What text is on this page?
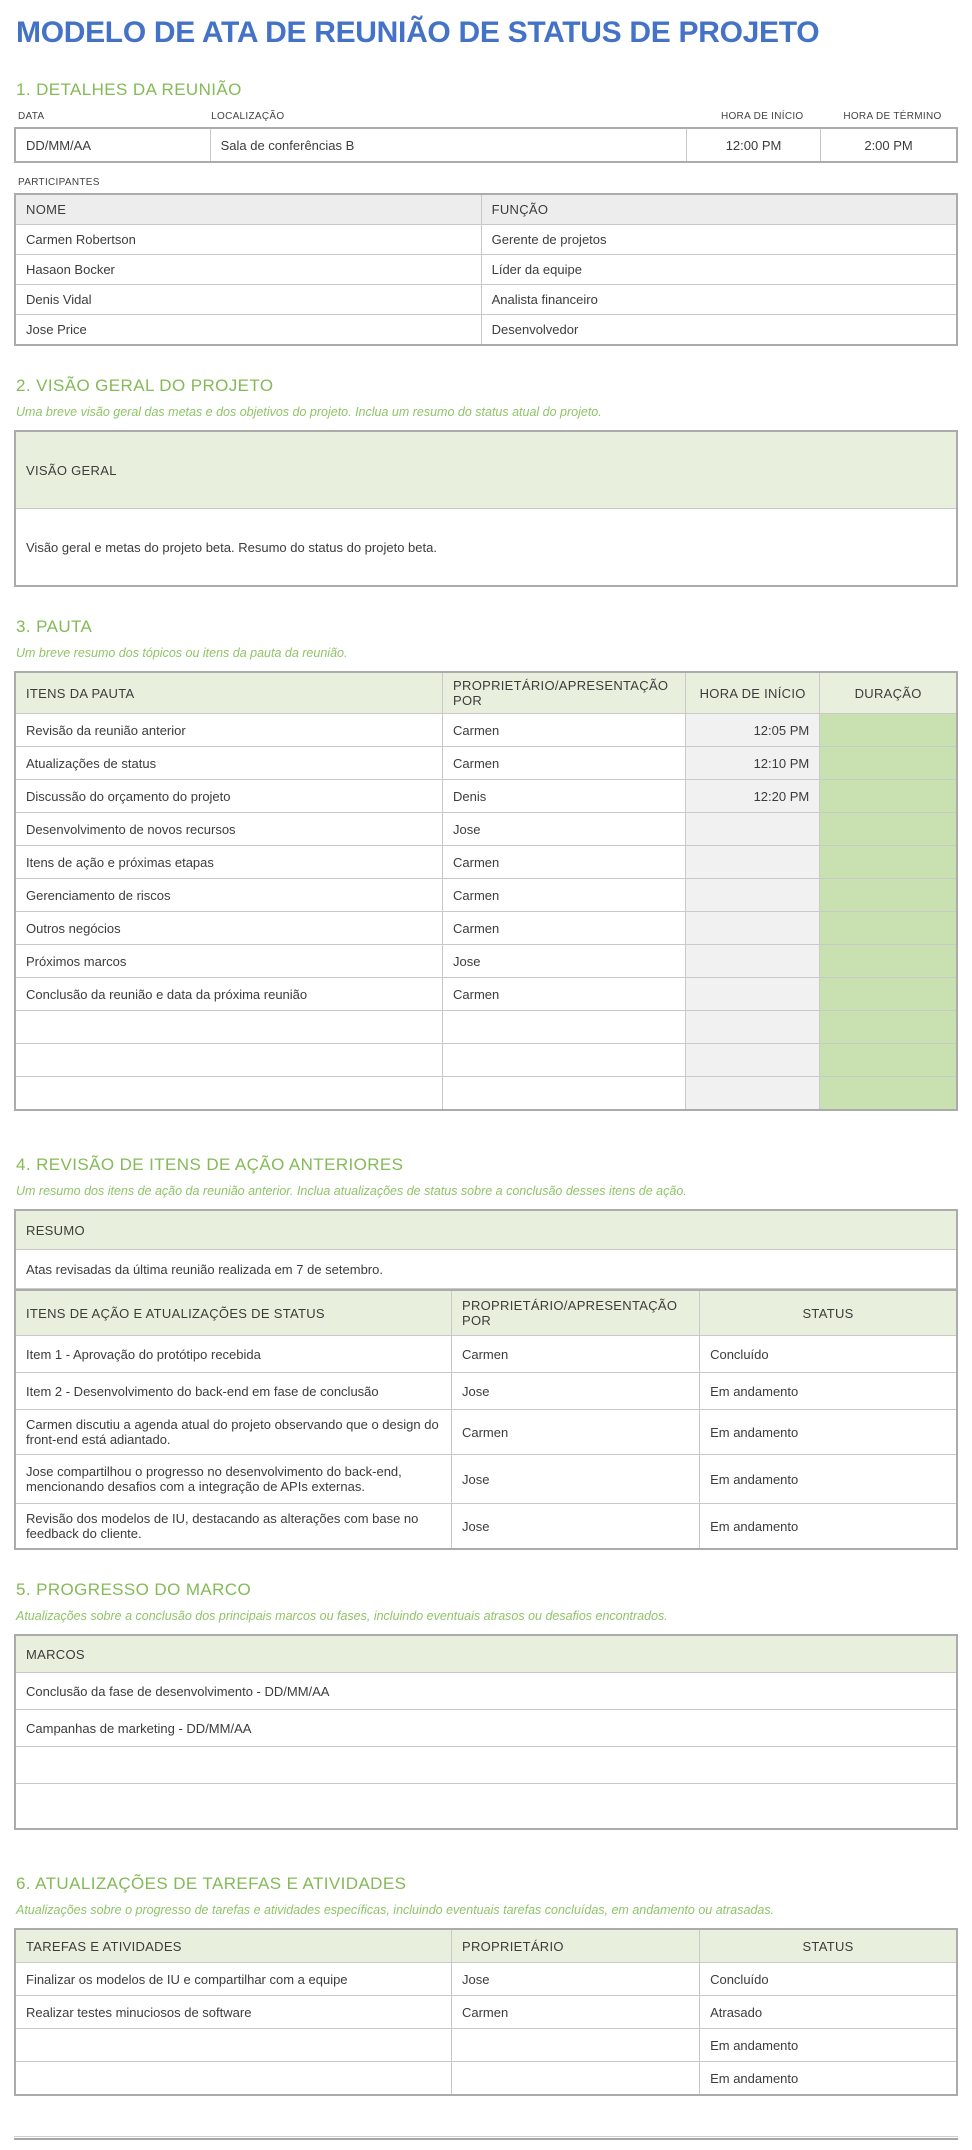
MODELO DE ATA DE REUNIÃO DE STATUS DE PROJETO
1. DETALHES DA REUNIÃO
DATA	LOCALIZAÇÃO	HORA DE INÍCIO	HORA DE TÉRMINO
DD/MM/AA	Sala de conferências B	12:00 PM	2:00 PM
PARTICIPANTES
NOME	FUNÇÃO
Carmen Robertson	Gerente de projetos
Hasaon Bocker	Líder da equipe
Denis Vidal	Analista financeiro
Jose Price	Desenvolvedor
2. VISÃO GERAL DO PROJETO

Uma breve visão geral das metas e dos objetivos do projeto. Inclua um resumo do status atual do projeto.

VISÃO GERAL
Visão geral e metas do projeto beta. Resumo do status do projeto beta.
3. PAUTA

Um breve resumo dos tópicos ou itens da pauta da reunião.

ITENS DA PAUTA	PROPRIETÁRIO/APRESENTAÇÃO POR	HORA DE INÍCIO	DURAÇÃO
Revisão da reunião anterior	Carmen	12:05 PM	
Atualizações de status	Carmen	12:10 PM	
Discussão do orçamento do projeto	Denis	12:20 PM	
Desenvolvimento de novos recursos	Jose		
Itens de ação e próximas etapas	Carmen		
Gerenciamento de riscos	Carmen		
Outros negócios	Carmen		
Próximos marcos	Jose		
Conclusão da reunião e data da próxima reunião	Carmen		

4. REVISÃO DE ITENS DE AÇÃO ANTERIORES

Um resumo dos itens de ação da reunião anterior. Inclua atualizações de status sobre a conclusão desses itens de ação.

RESUMO
Atas revisadas da última reunião realizada em 7 de setembro.
ITENS DE AÇÃO E ATUALIZAÇÕES DE STATUS	PROPRIETÁRIO/APRESENTAÇÃO POR	STATUS
Item 1 - Aprovação do protótipo recebida	Carmen	Concluído
Item 2 - Desenvolvimento do back-end em fase de conclusão	Jose	Em andamento
Carmen discutiu a agenda atual do projeto observando que o design do front-end está adiantado.	Carmen	Em andamento
Jose compartilhou o progresso no desenvolvimento do back-end, mencionando desafios com a integração de APIs externas.	Jose	Em andamento
Revisão dos modelos de IU, destacando as alterações com base no feedback do cliente.	Jose	Em andamento
5. PROGRESSO DO MARCO

Atualizações sobre a conclusão dos principais marcos ou fases, incluindo eventuais atrasos ou desafios encontrados.

MARCOS
Conclusão da fase de desenvolvimento - DD/MM/AA
Campanhas de marketing - DD/MM/AA

6. ATUALIZAÇÕES DE TAREFAS E ATIVIDADES

Atualizações sobre o progresso de tarefas e atividades específicas, incluindo eventuais tarefas concluídas, em andamento ou atrasadas.

TAREFAS E ATIVIDADES	PROPRIETÁRIO	STATUS
Finalizar os modelos de IU e compartilhar com a equipe	Jose	Concluído
Realizar testes minuciosos de software	Carmen	Atrasado
		Em andamento
		Em andamento
